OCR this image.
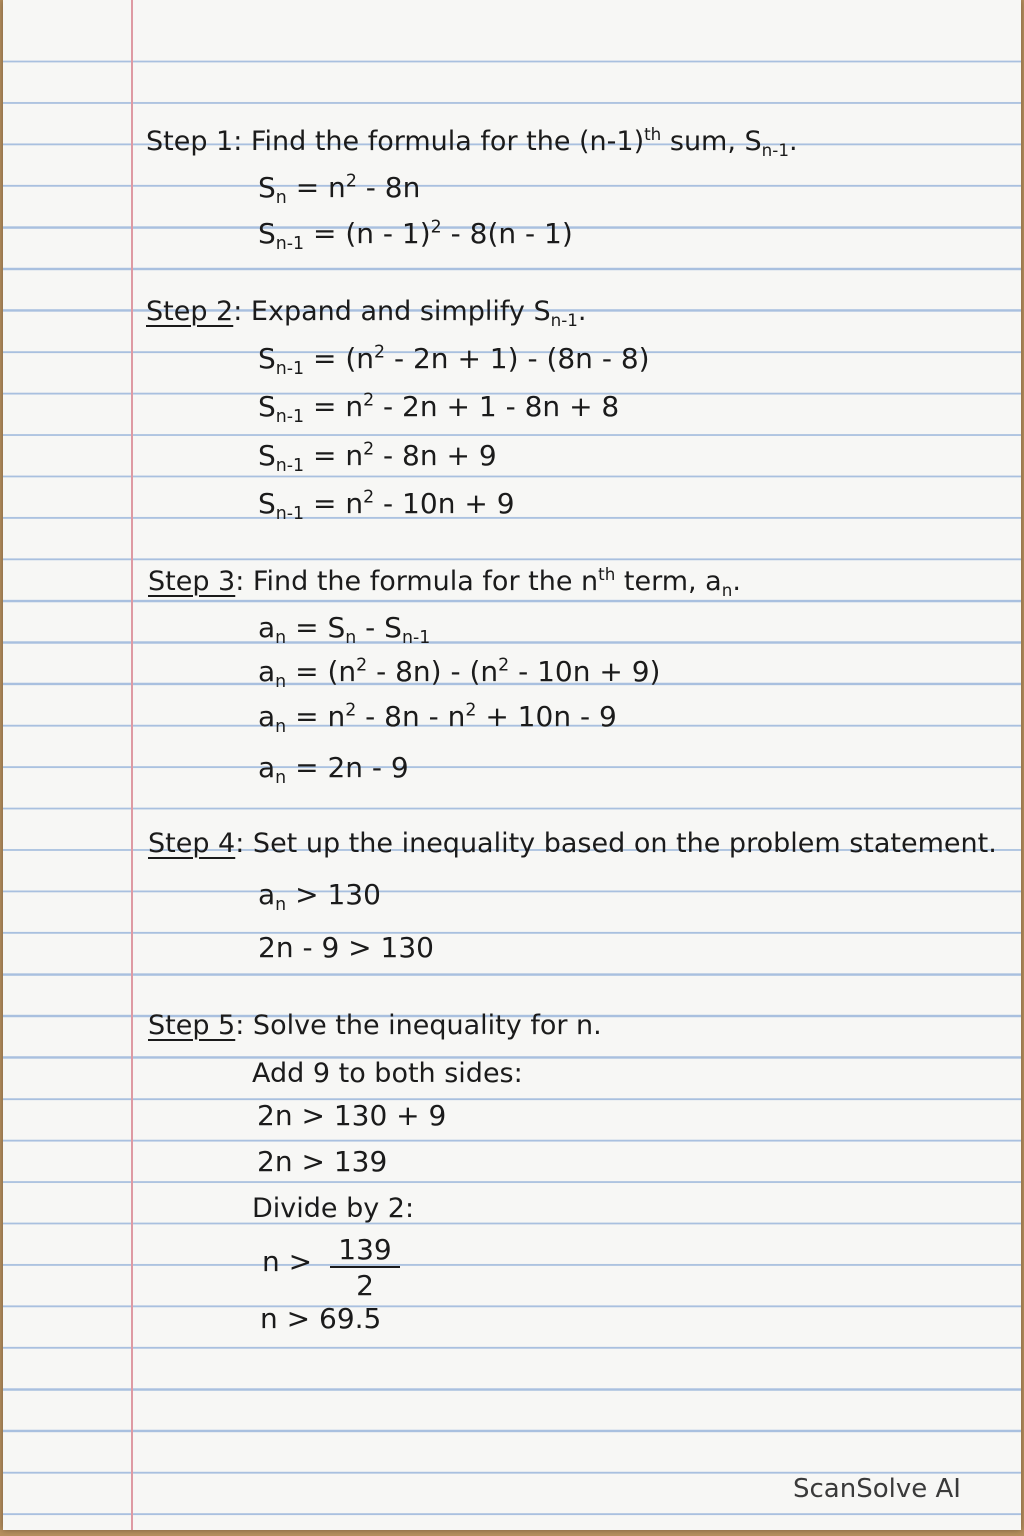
Step 1: Find the formula for the $(n-1)^{th}$ sum, $S_{n-1}$.
$S_n = n^2 - 8n$
$S_{n-1} = (n - 1)^2 - 8(n - 1)$
Step 2: Expand and simplify $S_{n-1}$.
$S_{n-1} = (n^2 - 2n + 1) - (8n - 8)$
$S_{n-1} = n^2 - 2n + 1 - 8n + 8$
$S_{n-1} = n^2 - 8n + 9$
$S_{n-1} = n^2 - 10n + 9$
Step 3: Find the formula for the $n^{th}$ term, $a_n$.
$a_n = S_n - S_{n-1}$
$a_n = (n^2 - 8n) - (n^2 - 10n + 9)$
$a_n = n^2 - 8n - n^2 + 10n - 9$
$a_n = 2n - 9$
Step 4: Set up the inequality based on the problem statement.
$a_n > 130$
2n - 9 > 130
Step 5: Solve the inequality for n.
Add 9 to both sides:
2n > 130 + 9
2n > 139
Divide by 2:
n > 139
2
n > 69.5
ScanSolve AI
